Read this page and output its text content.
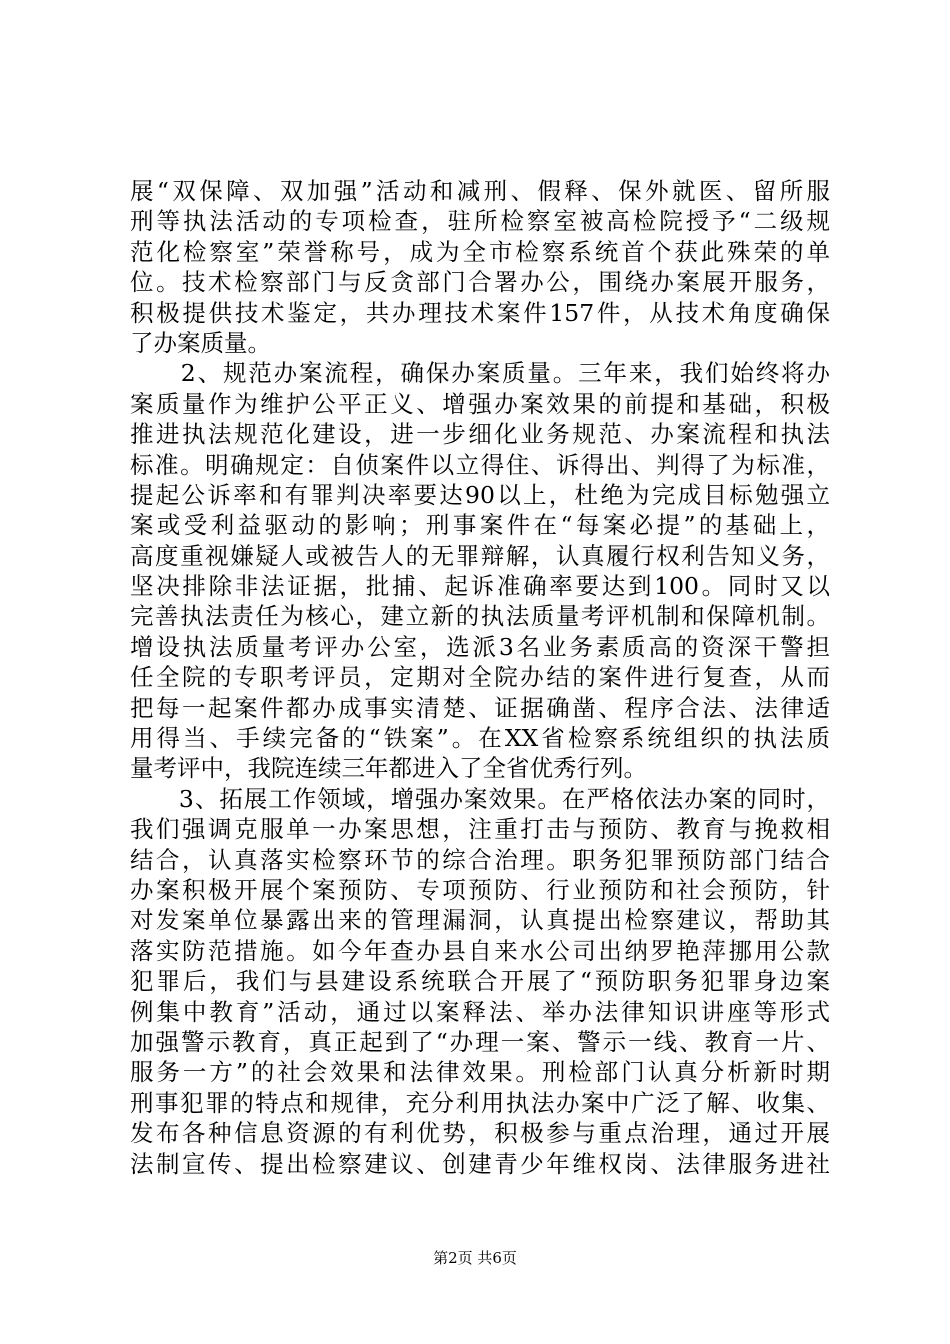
展“双保障、双加强”活动和减刑、假释、保外就医、留所服
刑等执法活动的专项检查，驻所检察室被高检院授予“二级规
范化检察室”荣誉称号，成为全市检察系统首个获此殊荣的单
位。技术检察部门与反贪部门合署办公，围绕办案展开服务，
积极提供技术鉴定，共办理技术案件157件，从技术角度确保
了办案质量。
　　2、规范办案流程，确保办案质量。三年来，我们始终将办
案质量作为维护公平正义、增强办案效果的前提和基础，积极
推进执法规范化建设，进一步细化业务规范、办案流程和执法
标准。明确规定：自侦案件以立得住、诉得出、判得了为标准，
提起公诉率和有罪判决率要达90以上，杜绝为完成目标勉强立
案或受利益驱动的影响；刑事案件在“每案必提”的基础上，
高度重视嫌疑人或被告人的无罪辩解，认真履行权利告知义务，
坚决排除非法证据，批捕、起诉准确率要达到100。同时又以
完善执法责任为核心，建立新的执法质量考评机制和保障机制。
增设执法质量考评办公室，选派3名业务素质高的资深干警担
任全院的专职考评员，定期对全院办结的案件进行复查，从而
把每一起案件都办成事实清楚、证据确凿、程序合法、法律适
用得当、手续完备的“铁案”。在XX省检察系统组织的执法质
量考评中，我院连续三年都进入了全省优秀行列。
　　3、拓展工作领域，增强办案效果。在严格依法办案的同时，
我们强调克服单一办案思想，注重打击与预防、教育与挽救相
结合，认真落实检察环节的综合治理。职务犯罪预防部门结合
办案积极开展个案预防、专项预防、行业预防和社会预防，针
对发案单位暴露出来的管理漏洞，认真提出检察建议，帮助其
落实防范措施。如今年查办县自来水公司出纳罗艳萍挪用公款
犯罪后，我们与县建设系统联合开展了“预防职务犯罪身边案
例集中教育”活动，通过以案释法、举办法律知识讲座等形式
加强警示教育，真正起到了“办理一案、警示一线、教育一片、
服务一方”的社会效果和法律效果。刑检部门认真分析新时期
刑事犯罪的特点和规律，充分利用执法办案中广泛了解、收集、
发布各种信息资源的有利优势，积极参与重点治理，通过开展
法制宣传、提出检察建议、创建青少年维权岗、法律服务进社
第2页 共6页
